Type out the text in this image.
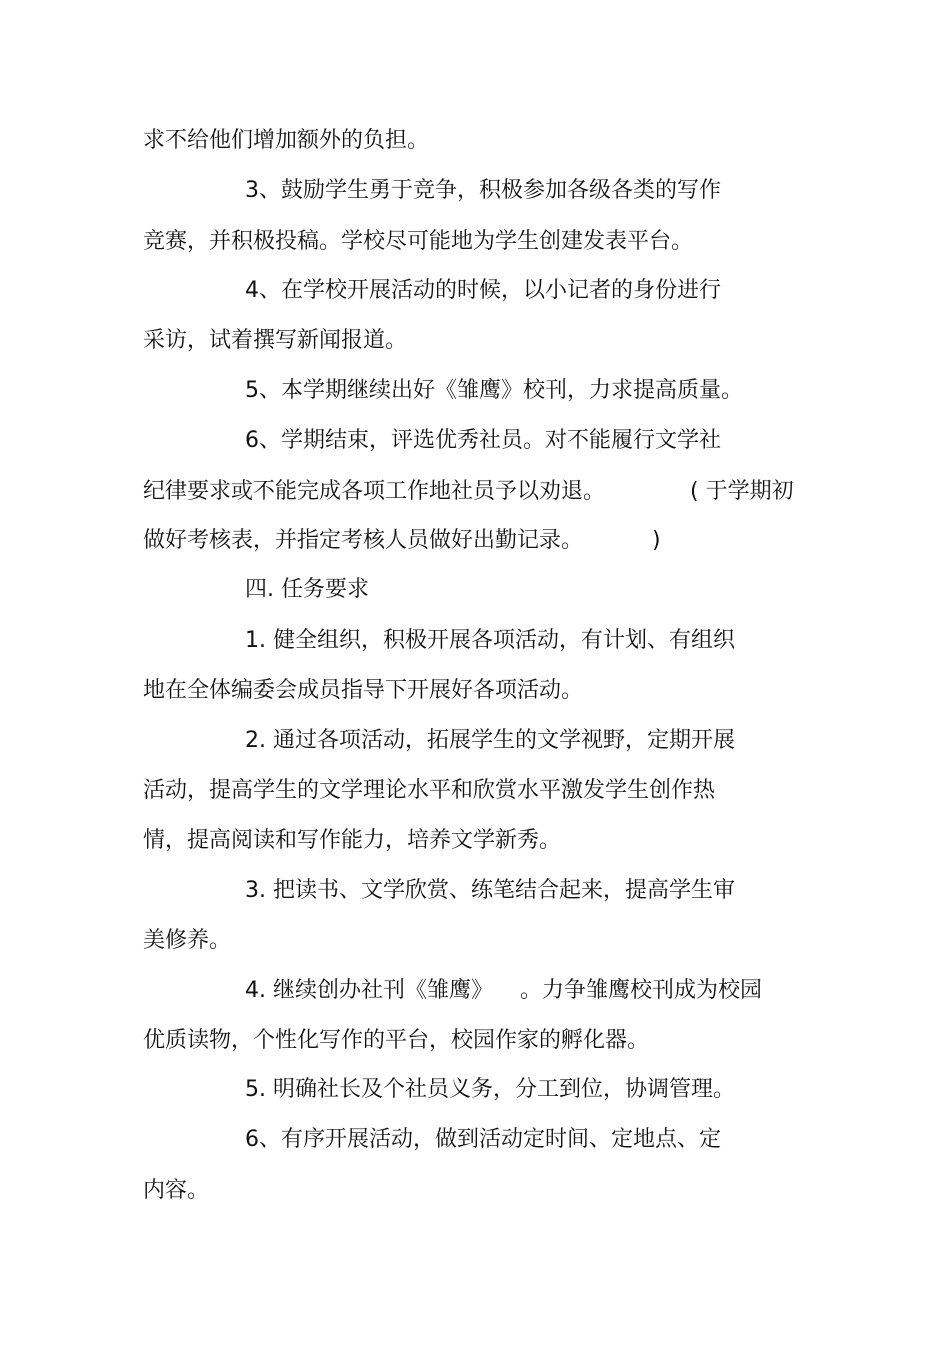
求不给他们增加额外的负担。
3、鼓励学生勇于竞争，积极参加各级各类的写作
竞赛，并积极投稿。学校尽可能地为学生创建发表平台。
4、在学校开展活动的时候，以小记者的身份进行
采访，试着撰写新闻报道。
5、本学期继续出好《雏鹰》校刊，力求提高质量。
6、学期结束，评选优秀社员。对不能履行文学社
纪律要求或不能完成各项工作地社员予以劝退。	( 于学期初
做好考核表，并指定考核人员做好出勤记录。	)
四. 任务要求
1. 健全组织，积极开展各项活动，有计划、有组织
地在全体编委会成员指导下开展好各项活动。
2. 通过各项活动，拓展学生的文学视野，定期开展
活动，提高学生的文学理论水平和欣赏水平激发学生创作热
情，提高阅读和写作能力，培养文学新秀。
3. 把读书、文学欣赏、练笔结合起来，提高学生审
美修养。
4. 继续创办社刊《雏鹰》 。力争雏鹰校刊成为校园
优质读物，个性化写作的平台，校园作家的孵化器。
5. 明确社长及个社员义务，分工到位，协调管理。
6、有序开展活动，做到活动定时间、定地点、定
内容。
